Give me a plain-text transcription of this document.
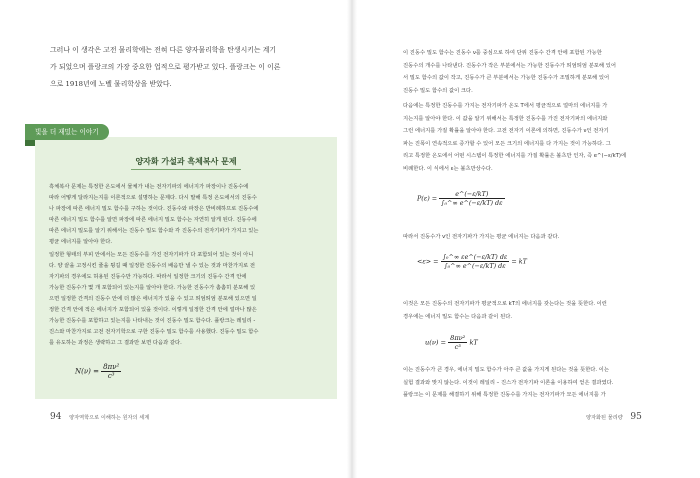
그러나 이 생각은 고전 물리학에는 전혀 다른 양자물리학을 탄생시키는 계기
가 되었으며 플랑크의 가장 중요한 업적으로 평가받고 있다. 플랑크는 이 이론
으로 1918년에 노벨 물리학상을 받았다.
양자화 가설과 흑체복사 문제
흑체복사 문제는 특정한 온도에서 물체가 내는 전자기파의 에너지가 파장이나 진동수에
따라 어떻게 달라지는지를 이론적으로 설명하는 문제다. 다시 말해 특정 온도에서의 진동수
나 파장에 따른 에너지 밀도 함수를 구하는 것이다. 진동수와 파장은 반비례하므로 진동수에
따른 에너지 밀도 함수를 알면 파장에 따른 에너지 밀도 함수는 자연히 알게 된다. 진동수에
따른 에너지 밀도를 알기 위해서는 진동수 밀도 함수와 각 진동수의 전자기파가 가지고 있는
평균 에너지를 알아야 한다.
일정한 형태의 부피 안에서는 모든 진동수를 가진 전자기파가 다 포함되어 있는 것이 아니
다. 양 끝을 고정시킨 줄을 튕길 때 일정한 진동수의 배음만 낼 수 있는 것과 마찬가지로 전
자기파의 경우에도 허용된 진동수만 가능하다. 따라서 일정한 크기의 진동수 간격 안에
가능한 진동수가 몇 개 포함되어 있는지를 알아야 한다. 가능한 진동수가 촘촘히 분포해 있
으면 일정한 간격의 진동수 안에 더 많은 에너지가 있을 수 있고 띄엄띄엄 분포해 있으면 일
정한 간격 안에 적은 에너지가 포함되어 있을 것이다. 이렇게 일정한 간격 안에 얼마나 많은
가능한 진동수를 포함하고 있는지를 나타내는 것이 진동수 밀도 함수다. 플랑크는 레일리 -
진스와 마찬가지로 고전 전자기학으로 구한 진동수 밀도 함수를 사용했다. 진동수 밀도 함수
를 유도하는 과정은 생략하고 그 결과만 보면 다음과 같다.
$N(\nu) = \frac{\text{8πν²}}{\text{c³}}$
빛을 더 재밌는 이야기
94 양자역학으로 이해하는 원자의 세계
이 진동수 밀도 함수는 진동수 ν를 중심으로 하여 단위 진동수 간격 안에 포함된 가능한
진동수의 개수를 나타낸다. 진동수가 작은 부분에서는 가능한 진동수가 띄엄띄엄 분포해 있어
서 밀도 함수의 값이 작고, 진동수가 큰 부분에서는 가능한 진동수가 조밀하게 분포해 있어
진동수 밀도 함수의 값이 크다.
다음에는 특정한 진동수를 가지는 전자기파가 온도 T에서 평균적으로 얼마의 에너지를 가
지는지를 알아야 한다. 이 값을 알기 위해서는 특정한 진동수를 가진 전자기파의 에너지와
그런 에너지를 가질 확률을 알아야 한다. 고전 전자기 이론에 의하면, 진동수가 ν인 전자기
파는 진폭이 연속적으로 증가할 수 있어 모든 크기의 에너지를 다 가지는 것이 가능하다. 그
리고 특정한 온도에서 어떤 시스템이 특정한 에너지를 가질 확률은 볼츠만 인자, 즉 e^(−ε/kT)에
비례한다. 이 식에서 ε는 볼츠만상수다.
$P(\varepsilon) = \frac{e\^{}(-\varepsilon/kT)}{\text{∫₀\textasciicircum{}∞ e\textasciicircum{}(−ε/kT) dε}}$
따라서 진동수가 ν인 전자기파가 가지는 평균 에너지는 다음과 같다.
$<\varepsilon> = \frac{\text{∫₀\textasciicircum{}∞ εe\textasciicircum{}(−ε/kT) dε}}{\text{∫₀\textasciicircum{}∞ e\textasciicircum{}(−ε/kT) dε}}$ = kT
이것은 모든 진동수의 전자기파가 평균적으로 kT의 에너지를 갖는다는 것을 뜻한다. 이런
경우에는 에너지 밀도 함수는 다음과 같이 된다.
$u(\nu) = \frac{\text{8πν²}}{\text{c³}}$ kT
이는 진동수가 큰 경우, 에너지 밀도 함수가 아주 큰 값을 가지게 된다는 것을 뜻한다. 이는
실험 결과와 맞지 않는다. 이것이 레일리 – 진스가 전자기파 이론을 이용하여 얻은 결과였다.
플랑크는 이 문제를 해결하기 위해 특정한 진동수를 가지는 전자기파가 모든 에너지를 가
양자화된 물리량 95
